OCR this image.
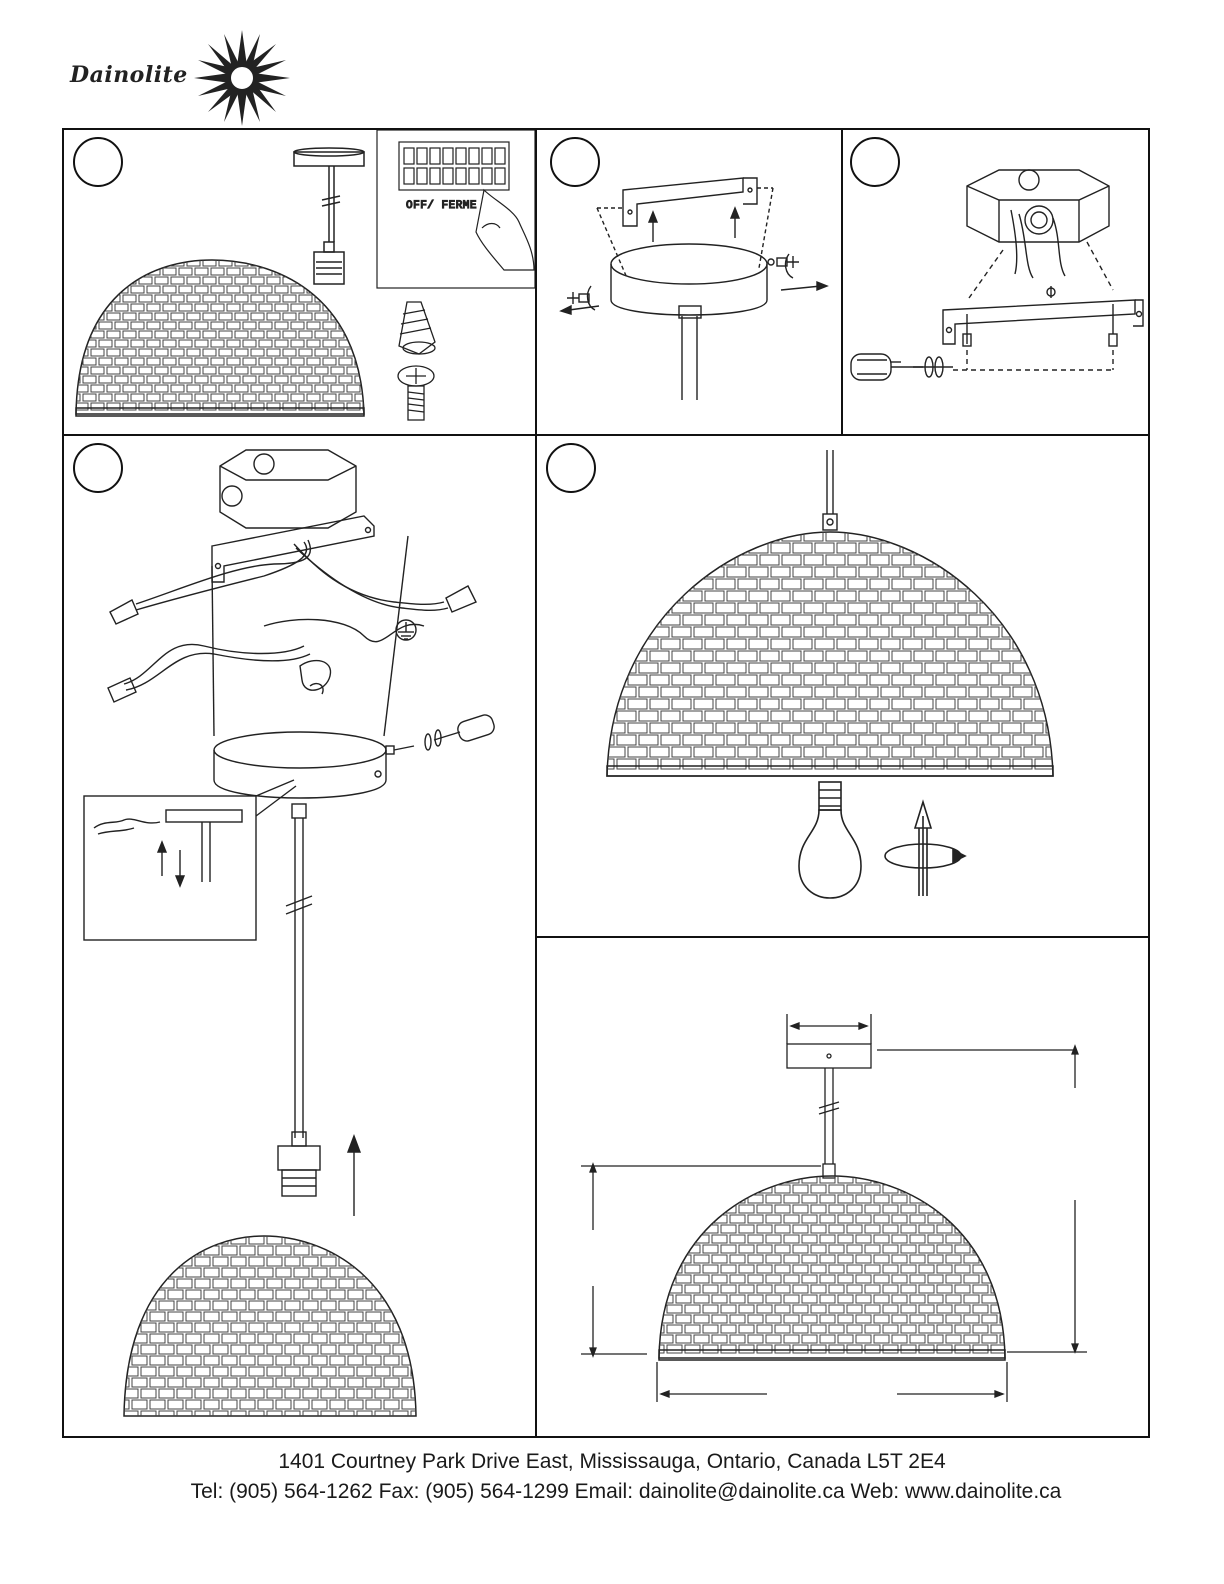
Dainolite
OFF/ FERME
1401 Courtney Park Drive East, Mississauga, Ontario, Canada L5T 2E4
Tel: (905) 564-1262 Fax: (905) 564-1299 Email: dainolite@dainolite.ca Web: www.dainolite.ca
